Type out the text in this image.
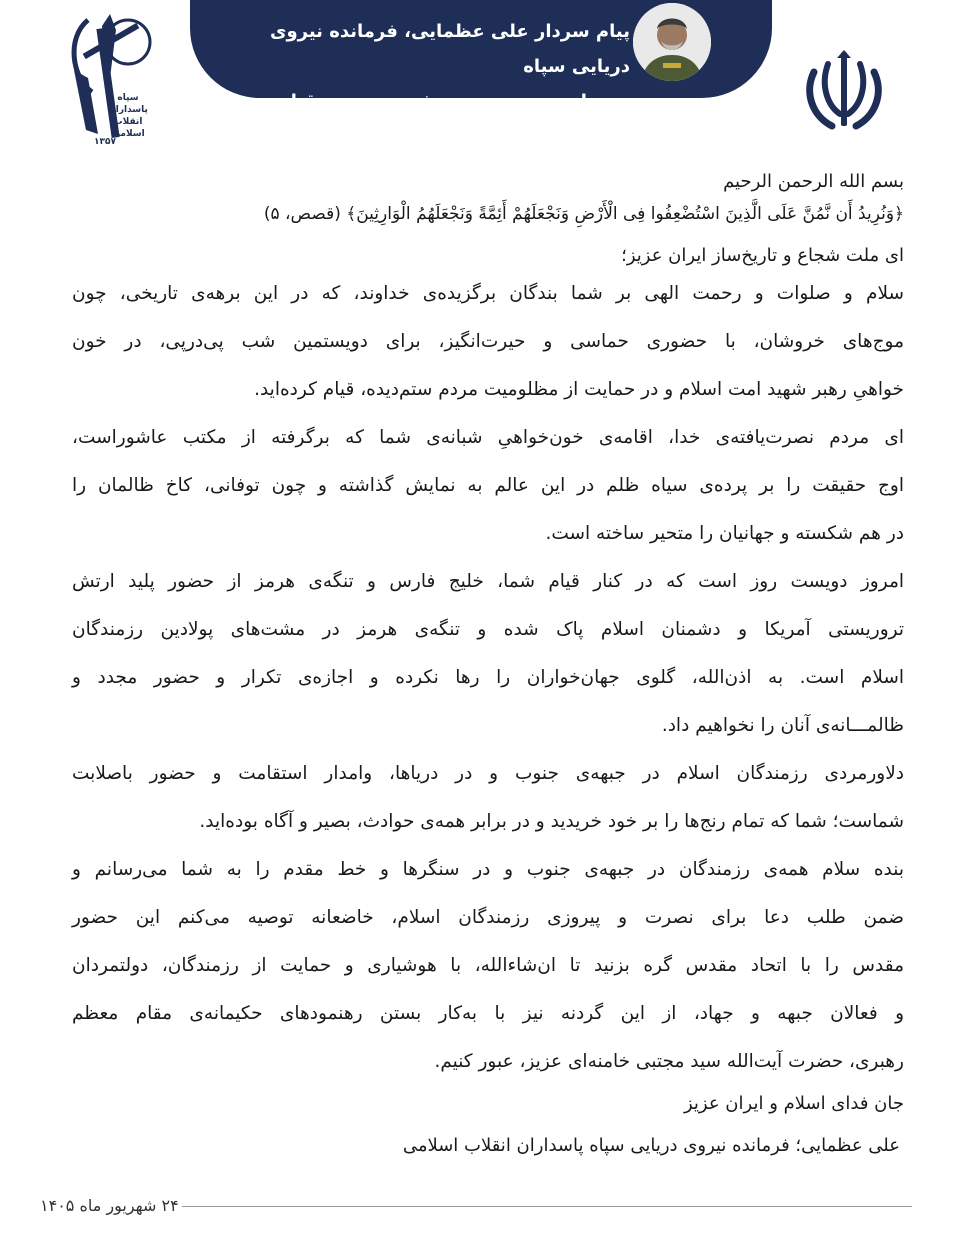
پیام سردار علی عظمایی، فرمانده نیروی دریایی سپاه
به مناسبت دویستمین شب حضور و قیام مردم ایران
سپاه پاسداران انقلاب اسلامی
۱۳۵۷
بسم الله الرحمن الرحیم
﴿وَنُرِیدُ أَن نَّمُنَّ عَلَی الَّذِینَ اسْتُضْعِفُوا فِی الْأَرْضِ وَنَجْعَلَهُمْ أَئِمَّةً وَنَجْعَلَهُمُ الْوَارِثِینَ﴾ (قصص، ۵)
ای ملت شجاع و تاریخ‌ساز ایران عزیز؛
سلام و صلوات و رحمت الهی بر شما بندگان برگزیده‌ی خداوند، که در این برهه‌ی تاریخی، چون
موج‌های خروشان، با حضوری حماسی و حیرت‌انگیز، برای دویستمین شب پی‌درپی، در خون
خواهیِ رهبر شهید امت اسلام و در حمایت از مظلومیت مردم ستم‌دیده، قیام کرده‌اید.
ای مردم نصرت‌یافته‌ی خدا، اقامه‌ی خون‌خواهیِ شبانه‌ی شما که برگرفته از مکتب عاشوراست،
اوج حقیقت را بر پرده‌ی سیاه ظلم در این عالم به نمایش گذاشته و چون توفانی، کاخ ظالمان را
در هم شکسته و جهانیان را متحیر ساخته است.
امروز دویست روز است که در کنار قیام شما، خلیج فارس و تنگه‌ی هرمز از حضور پلید ارتش
تروریستی آمریکا و دشمنان اسلام پاک شده و تنگه‌ی هرمز در مشت‌های پولادین رزمندگان
اسلام است. به اذن‌الله، گلوی جهان‌خواران را رها نکرده و اجازه‌ی تکرار و حضور مجدد و
ظالمـــانه‌ی آنان را نخواهیم داد.
دلاورمردی رزمندگان اسلام در جبهه‌ی جنوب و در دریاها، وامدار استقامت و حضور باصلابت
شماست؛ شما که تمام رنج‌ها را بر خود خریدید و در برابر همه‌ی حوادث، بصیر و آگاه بوده‌اید.
بنده سلام همه‌ی رزمندگان در جبهه‌ی جنوب و در سنگرها و خط مقدم را به شما می‌رسانم و
ضمن طلب دعا برای نصرت و پیروزی رزمندگان اسلام، خاضعانه توصیه می‌کنم این حضور
مقدس را با اتحاد مقدس گره بزنید تا ان‌شاءالله، با هوشیاری و حمایت از رزمندگان، دولتمردان
و فعالان جبهه و جهاد، از این گردنه نیز با به‌کار بستن رهنمودهای حکیمانه‌ی مقام معظم
رهبری، حضرت آیت‌الله سید مجتبی خامنه‌ای عزیز، عبور کنیم.
جان فدای اسلام و ایران عزیز
علی عظمایی؛ فرمانده نیروی دریایی سپاه پاسداران انقلاب اسلامی
۲۴ شهریور ماه ۱۴۰۵
